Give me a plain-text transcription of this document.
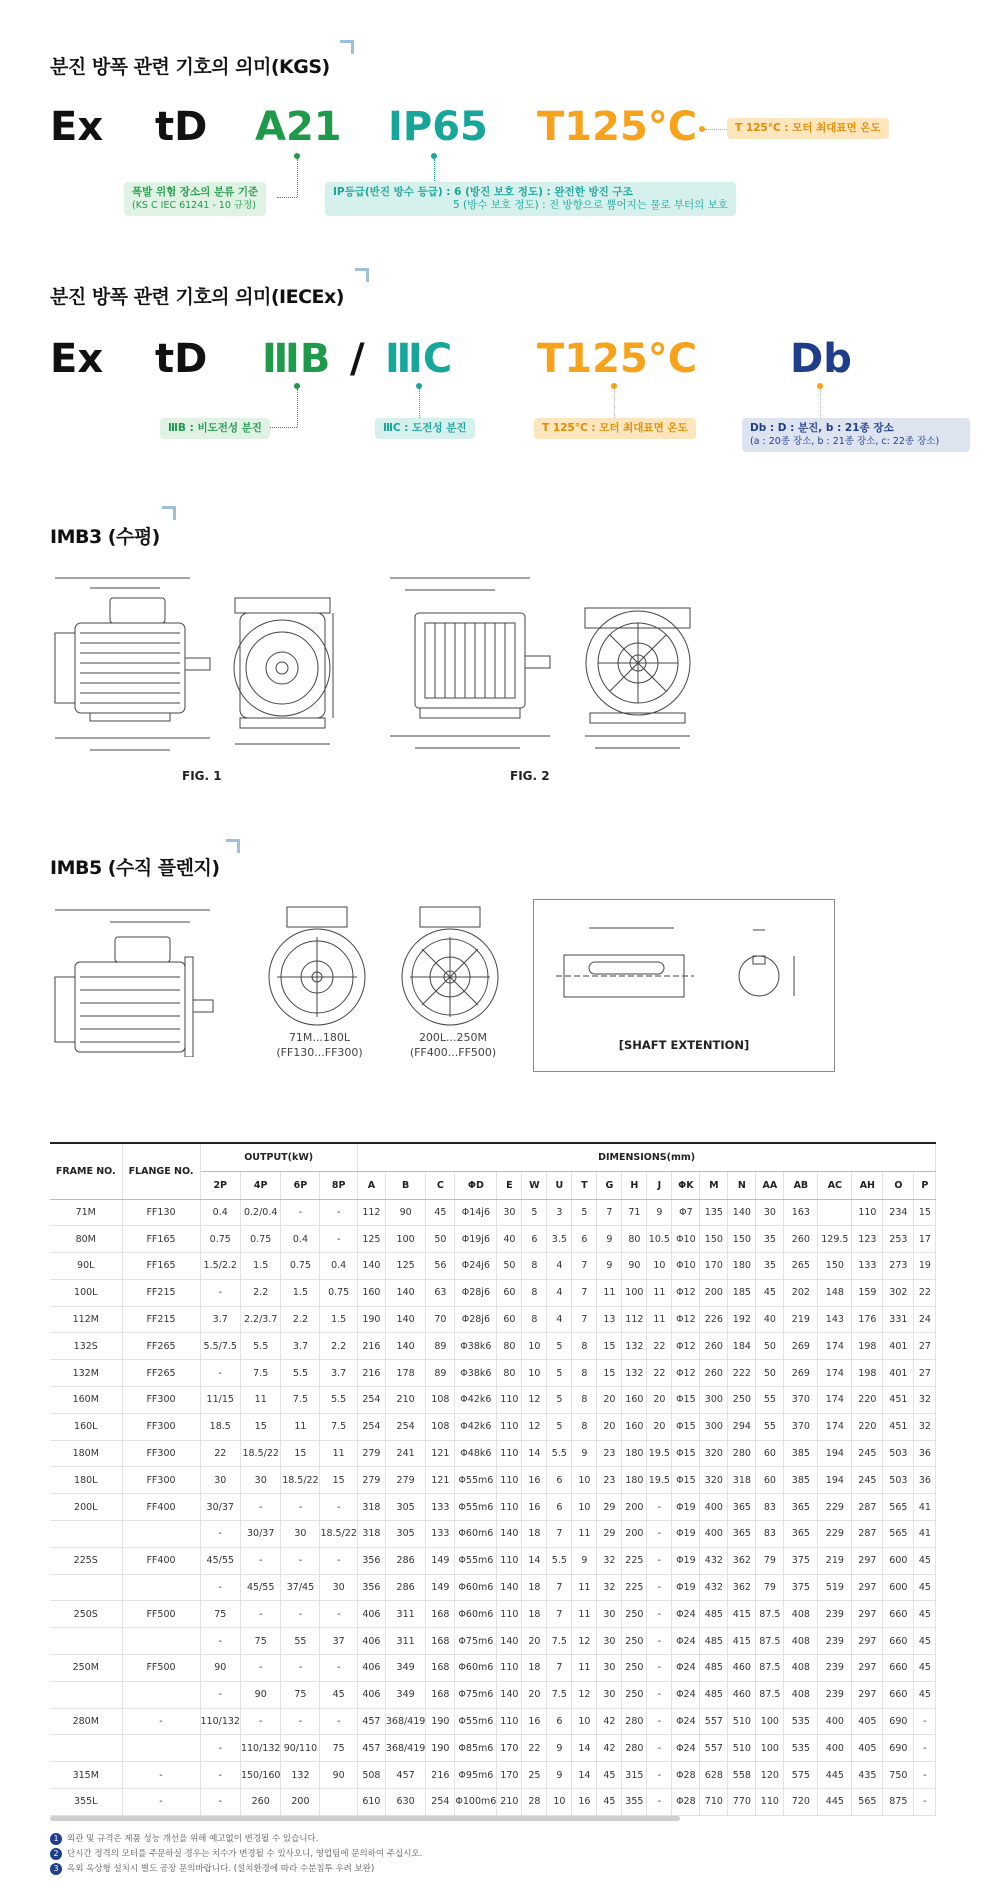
분진 방폭 관련 기호의 의미(KGS)
Ex tD A21 IP65 T125°C	T 125°C : 모터 최대표면 온도
폭발 위험 장소의 분류 기준
(KS C IEC 61241 - 10 규정)
IP등급(반진 방수 등급) : 6 (방진 보호 정도) : 완전한 방진 구조
5 (방수 보호 정도) : 전 방향으로 뿜어지는 물로 부터의 보호
분진 방폭 관련 기호의 의미(IECEx)
Ex tD ⅢB / ⅢC T125°C Db
ⅢB : 비도전성 분진	ⅢC : 도전성 분진	T 125°C : 모터 최대표면 온도	Db : D : 분진, b : 21종 장소
(a : 20종 장소, b : 21종 장소, c: 22종 장소)
IMB3 (수평)
FIG. 1	FIG. 2
IMB5 (수직 플렌지)
71M...180L
(FF130...FF300)
200L...250M
(FF400...FF500)
[SHAFT EXTENTION]
FRAME NO.	FLANGE NO.	OUTPUT(kW)				DIMENSIONS(mm)																			
		2P	4P	6P	8P	A	B	C	ΦD	E	W	U	T	G	H	J	ΦK	M	N	AA	AB	AC	AH	O	P
71M	FF130	0.4	0.2/0.4	-	-	112	90	45	Φ14j6	30	5	3	5	7	71	9	Φ7	135	140	30	163		110	234	15
80M	FF165	0.75	0.75	0.4	-	125	100	50	Φ19j6	40	6	3.5	6	9	80	10.5	Φ10	150	150	35	260	129.5	123	253	17
90L	FF165	1.5/2.2	1.5	0.75	0.4	140	125	56	Φ24j6	50	8	4	7	9	90	10	Φ10	170	180	35	265	150	133	273	19
100L	FF215	-	2.2	1.5	0.75	160	140	63	Φ28j6	60	8	4	7	11	100	11	Φ12	200	185	45	202	148	159	302	22
112M	FF215	3.7	2.2/3.7	2.2	1.5	190	140	70	Φ28j6	60	8	4	7	13	112	11	Φ12	226	192	40	219	143	176	331	24
132S	FF265	5.5/7.5	5.5	3.7	2.2	216	140	89	Φ38k6	80	10	5	8	15	132	22	Φ12	260	184	50	269	174	198	401	27
132M	FF265	-	7.5	5.5	3.7	216	178	89	Φ38k6	80	10	5	8	15	132	22	Φ12	260	222	50	269	174	198	401	27
160M	FF300	11/15	11	7.5	5.5	254	210	108	Φ42k6	110	12	5	8	20	160	20	Φ15	300	250	55	370	174	220	451	32
160L	FF300	18.5	15	11	7.5	254	254	108	Φ42k6	110	12	5	8	20	160	20	Φ15	300	294	55	370	174	220	451	32
180M	FF300	22	18.5/22	15	11	279	241	121	Φ48k6	110	14	5.5	9	23	180	19.5	Φ15	320	280	60	385	194	245	503	36
180L	FF300	30	30	18.5/22	15	279	279	121	Φ55m6	110	16	6	10	23	180	19.5	Φ15	320	318	60	385	194	245	503	36
200L	FF400	30/37	-	-	-	318	305	133	Φ55m6	110	16	6	10	29	200	-	Φ19	400	365	83	365	229	287	565	41
		-	30/37	30	18.5/22	318	305	133	Φ60m6	140	18	7	11	29	200	-	Φ19	400	365	83	365	229	287	565	41
225S	FF400	45/55	-	-	-	356	286	149	Φ55m6	110	14	5.5	9	32	225	-	Φ19	432	362	79	375	219	297	600	45
		-	45/55	37/45	30	356	286	149	Φ60m6	140	18	7	11	32	225	-	Φ19	432	362	79	375	519	297	600	45
250S	FF500	75	-	-	-	406	311	168	Φ60m6	110	18	7	11	30	250	-	Φ24	485	415	87.5	408	239	297	660	45
		-	75	55	37	406	311	168	Φ75m6	140	20	7.5	12	30	250	-	Φ24	485	415	87.5	408	239	297	660	45
250M	FF500	90	-	-	-	406	349	168	Φ60m6	110	18	7	11	30	250	-	Φ24	485	460	87.5	408	239	297	660	45
		-	90	75	45	406	349	168	Φ75m6	140	20	7.5	12	30	250	-	Φ24	485	460	87.5	408	239	297	660	45
280M	-	110/132	-	-	-	457	368/419	190	Φ55m6	110	16	6	10	42	280	-	Φ24	557	510	100	535	400	405	690	-
		-	110/132	90/110	75	457	368/419	190	Φ85m6	170	22	9	14	42	280	-	Φ24	557	510	100	535	400	405	690	-
315M	-	-	150/160	132	90	508	457	216	Φ95m6	170	25	9	14	45	315	-	Φ28	628	558	120	575	445	435	750	-
355L	-	-	260	200		610	630	254	Φ100m6	210	28	10	16	45	355	-	Φ28	710	770	110	720	445	565	875	-
1 외관 및 규격은 제품 성능 개선을 위해 예고없이 변경될 수 있습니다.
2 단시간 정격의 모터를 주문하실 경우는 치수가 변경될 수 있사오니, 영업팀에 문의하여 주십시오.
3 옥외 옥상형 설치시 별도 공장 문의바랍니다. (설치환경에 따라 수분침투 우려 보완)
